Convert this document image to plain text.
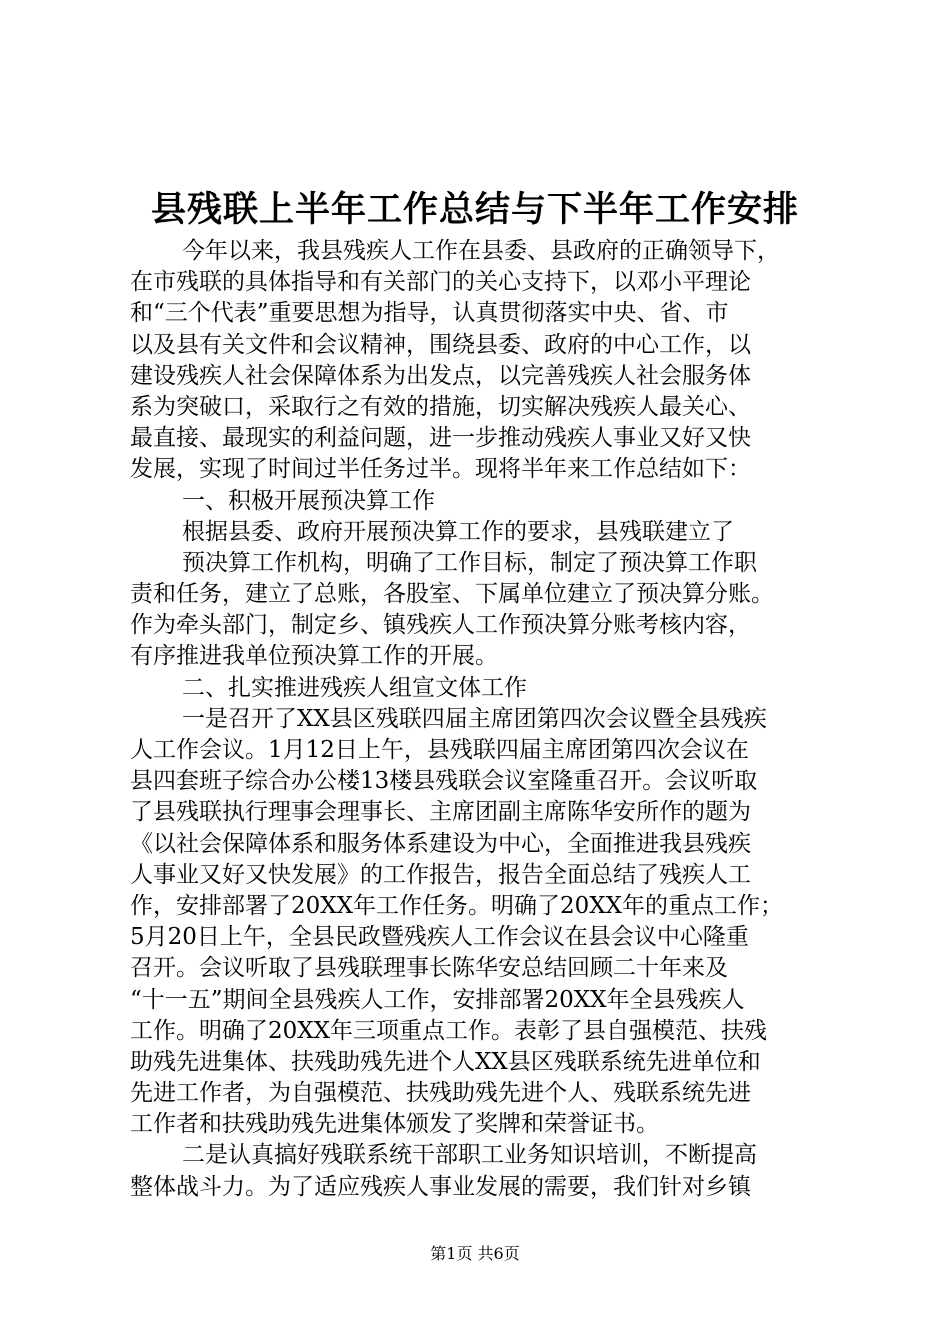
县残联上半年工作总结与下半年工作安排
今年以来，我县残疾人工作在县委、县政府的正确领导下，
在市残联的具体指导和有关部门的关心支持下，以邓小平理论
和“三个代表”重要思想为指导，认真贯彻落实中央、省、市
以及县有关文件和会议精神，围绕县委、政府的中心工作，以
建设残疾人社会保障体系为出发点，以完善残疾人社会服务体
系为突破口，采取行之有效的措施，切实解决残疾人最关心、
最直接、最现实的利益问题，进一步推动残疾人事业又好又快
发展，实现了时间过半任务过半。现将半年来工作总结如下：
一、积极开展预决算工作
根据县委、政府开展预决算工作的要求，县残联建立了
预决算工作机构，明确了工作目标，制定了预决算工作职
责和任务，建立了总账，各股室、下属单位建立了预决算分账。
作为牵头部门，制定乡、镇残疾人工作预决算分账考核内容，
有序推进我单位预决算工作的开展。
二、扎实推进残疾人组宣文体工作
一是召开了XX县区残联四届主席团第四次会议暨全县残疾
人工作会议。1月12日上午，县残联四届主席团第四次会议在
县四套班子综合办公楼13楼县残联会议室隆重召开。会议听取
了县残联执行理事会理事长、主席团副主席陈华安所作的题为
《以社会保障体系和服务体系建设为中心，全面推进我县残疾
人事业又好又快发展》的工作报告，报告全面总结了残疾人工
作，安排部署了20XX年工作任务。明确了20XX年的重点工作；
5月20日上午，全县民政暨残疾人工作会议在县会议中心隆重
召开。会议听取了县残联理事长陈华安总结回顾二十年来及
“十一五”期间全县残疾人工作，安排部署20XX年全县残疾人
工作。明确了20XX年三项重点工作。表彰了县自强模范、扶残
助残先进集体、扶残助残先进个人XX县区残联系统先进单位和
先进工作者，为自强模范、扶残助残先进个人、残联系统先进
工作者和扶残助残先进集体颁发了奖牌和荣誉证书。
二是认真搞好残联系统干部职工业务知识培训，不断提高
整体战斗力。为了适应残疾人事业发展的需要，我们针对乡镇
第1页 共6页
